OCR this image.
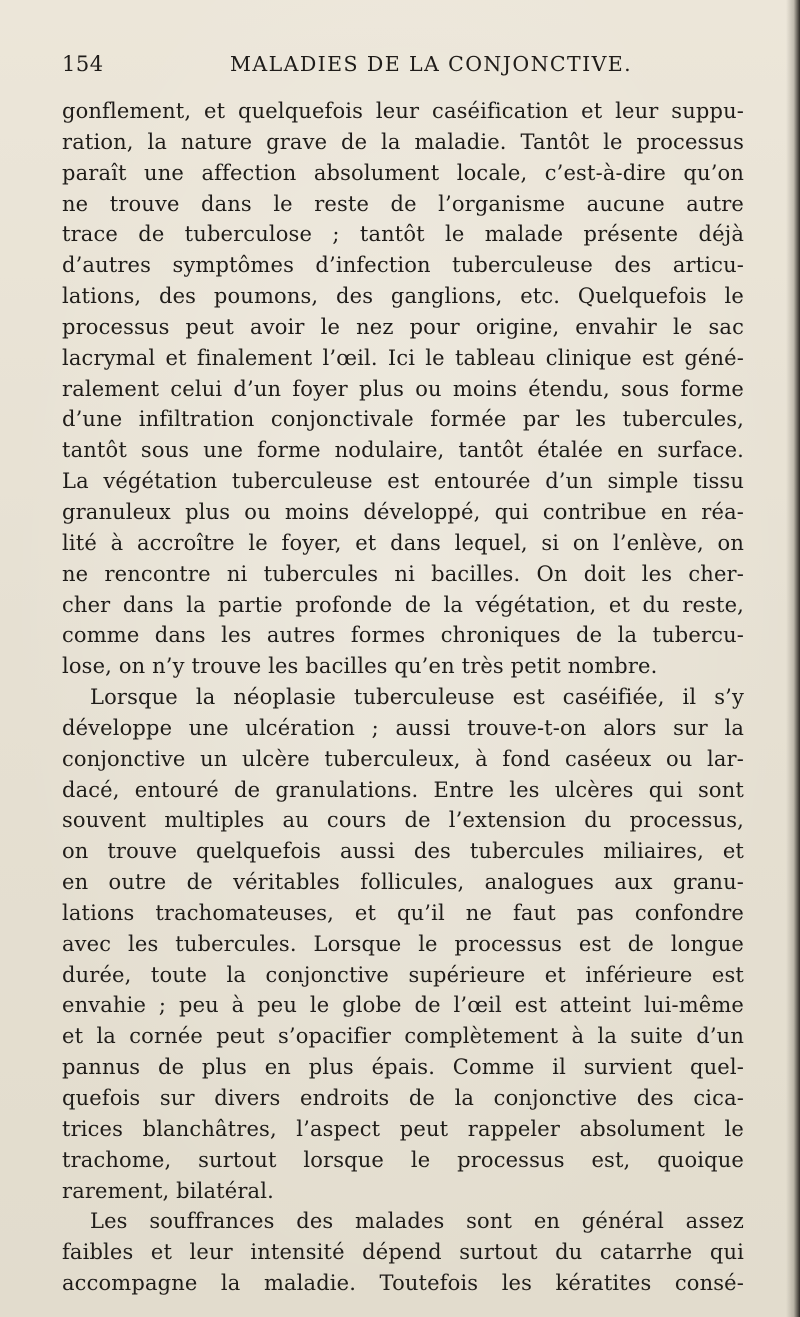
154	MALADIES DE LA CONJONCTIVE.
gonflement, et quelquefois leur caséification et leur suppu-
ration, la nature grave de la maladie. Tantôt le processus
paraît une affection absolument locale, c’est-à-dire qu’on
ne trouve dans le reste de l’organisme aucune autre
trace de tuberculose ; tantôt le malade présente déjà
d’autres symptômes d’infection tuberculeuse des articu-
lations, des poumons, des ganglions, etc. Quelquefois le
processus peut avoir le nez pour origine, envahir le sac
lacrymal et finalement l’œil. Ici le tableau clinique est géné-
ralement celui d’un foyer plus ou moins étendu, sous forme
d’une infiltration conjonctivale formée par les tubercules,
tantôt sous une forme nodulaire, tantôt étalée en surface.
La végétation tuberculeuse est entourée d’un simple tissu
granuleux plus ou moins développé, qui contribue en réa-
lité à accroître le foyer, et dans lequel, si on l’enlève, on
ne rencontre ni tubercules ni bacilles. On doit les cher-
cher dans la partie profonde de la végétation, et du reste,
comme dans les autres formes chroniques de la tubercu-
lose, on n’y trouve les bacilles qu’en très petit nombre.
Lorsque la néoplasie tuberculeuse est caséifiée, il s’y
développe une ulcération ; aussi trouve-t-on alors sur la
conjonctive un ulcère tuberculeux, à fond caséeux ou lar-
dacé, entouré de granulations. Entre les ulcères qui sont
souvent multiples au cours de l’extension du processus,
on trouve quelquefois aussi des tubercules miliaires, et
en outre de véritables follicules, analogues aux granu-
lations trachomateuses, et qu’il ne faut pas confondre
avec les tubercules. Lorsque le processus est de longue
durée, toute la conjonctive supérieure et inférieure est
envahie ; peu à peu le globe de l’œil est atteint lui-même
et la cornée peut s’opacifier complètement à la suite d’un
pannus de plus en plus épais. Comme il survient quel-
quefois sur divers endroits de la conjonctive des cica-
trices blanchâtres, l’aspect peut rappeler absolument le
trachome, surtout lorsque le processus est, quoique
rarement, bilatéral.
Les souffrances des malades sont en général assez
faibles et leur intensité dépend surtout du catarrhe qui
accompagne la maladie. Toutefois les kératites consé-
